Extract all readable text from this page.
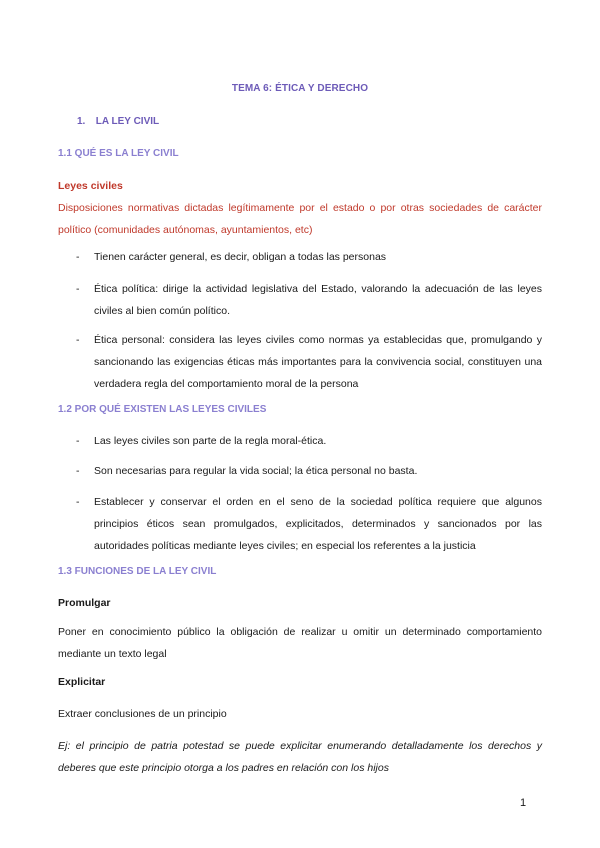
TEMA 6: ÉTICA Y DERECHO
1. LA LEY CIVIL
1.1 QUÉ ES LA LEY CIVIL
Leyes civiles
Disposiciones normativas dictadas legítimamente por el estado o por otras sociedades de carácter político (comunidades autónomas, ayuntamientos, etc)
- Tienen carácter general, es decir, obligan a todas las personas
- Ética política: dirige la actividad legislativa del Estado, valorando la adecuación de las leyes civiles al bien común político.
- Ética personal: considera las leyes civiles como normas ya establecidas que, promulgando y sancionando las exigencias éticas más importantes para la convivencia social, constituyen una verdadera regla del comportamiento moral de la persona
1.2 POR QUÉ EXISTEN LAS LEYES CIVILES
- Las leyes civiles son parte de la regla moral-ética.
- Son necesarias para regular la vida social; la ética personal no basta.
- Establecer y conservar el orden en el seno de la sociedad política requiere que algunos principios éticos sean promulgados, explicitados, determinados y sancionados por las autoridades políticas mediante leyes civiles; en especial los referentes a la justicia
1.3 FUNCIONES DE LA LEY CIVIL
Promulgar
Poner en conocimiento público la obligación de realizar u omitir un determinado comportamiento mediante un texto legal
Explicitar
Extraer conclusiones de un principio
Ej: el principio de patria potestad se puede explicitar enumerando detalladamente los derechos y deberes que este principio otorga a los padres en relación con los hijos
1
